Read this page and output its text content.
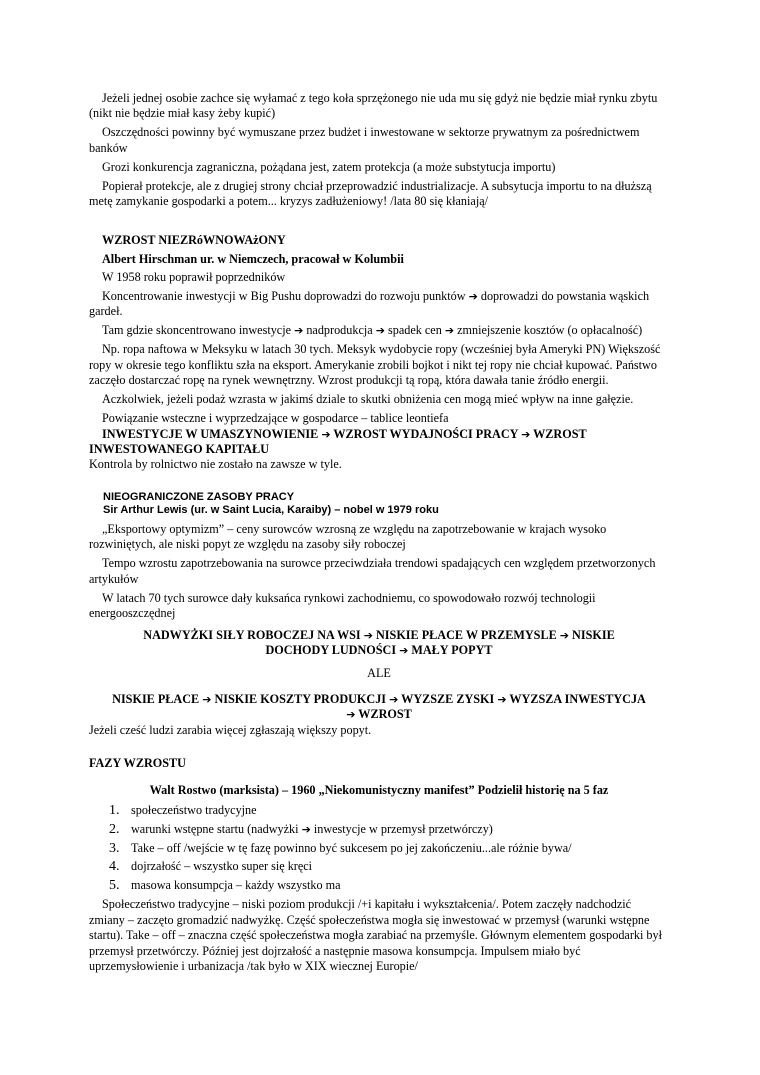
Jeżeli jednej osobie zachce się wyłamać z tego koła sprzężonego nie uda mu się gdyż nie będzie miał rynku zbytu (nikt nie będzie miał kasy żeby kupić)

Oszczędności powinny być wymuszane przez budżet i inwestowane w sektorze prywatnym za pośrednictwem banków

Grozi konkurencja zagraniczna, pożądana jest, zatem protekcja (a może substytucja importu)

Popierał protekcje, ale z drugiej strony chciał przeprowadzić industrializacje. A subsytucja importu to na dłuższą metę zamykanie gospodarki a potem... kryzys zadłużeniowy! /lata 80 się kłaniają/

WZROST NIEZRóWNOWAżONY

Albert Hirschman ur. w Niemczech, pracował w Kolumbii

W 1958 roku poprawił poprzedników

Koncentrowanie inwestycji w Big Pushu doprowadzi do rozwoju punktów ➔ doprowadzi do powstania wąskich gardeł.

Tam gdzie skoncentrowano inwestycje ➔ nadprodukcja ➔ spadek cen ➔ zmniejszenie kosztów (o opłacalność)

Np. ropa naftowa w Meksyku w latach 30 tych. Meksyk wydobycie ropy (wcześniej była Ameryki PN) Większość ropy w okresie tego konfliktu szła na eksport. Amerykanie zrobili bojkot i nikt tej ropy nie chciał kupować. Państwo zaczęło dostarczać ropę na rynek wewnętrzny. Wzrost produkcji tą ropą, która dawała tanie źródło energii.

Aczkolwiek, jeżeli podaż wzrasta w jakimś dziale to skutki obniżenia cen mogą mieć wpływ na inne gałęzie.

Powiązanie wsteczne i wyprzedzające w gospodarce – tablice leontiefa

INWESTYCJE W UMASZYNOWIENIE ➔ WZROST WYDAJNOŚCI PRACY ➔ WZROST INWESTOWANEGO KAPITAŁU

Kontrola by rolnictwo nie zostało na zawsze w tyle.

NIEOGRANICZONE ZASOBY PRACY

Sir Arthur Lewis (ur. w Saint Lucia, Karaiby) – nobel w 1979 roku

„Eksportowy optymizm” – ceny surowców wzrosną ze względu na zapotrzebowanie w krajach wysoko rozwiniętych, ale niski popyt ze względu na zasoby siły roboczej

Tempo wzrostu zapotrzebowania na surowce przeciwdziała trendowi spadających cen względem przetworzonych artykułów

W latach 70 tych surowce dały kuksańca rynkowi zachodniemu, co spowodowało rozwój technologii energooszczędnej

NADWYŻKI SIŁY ROBOCZEJ NA WSI ➔ NISKIE PŁACE W PRZEMYSLE ➔ NISKIE DOCHODY LUDNOŚCI ➔ MAŁY POPYT

ALE

NISKIE PŁACE ➔ NISKIE KOSZTY PRODUKCJI ➔ WYZSZE ZYSKI ➔ WYZSZA INWESTYCJA
➔ WZROST

Jeżeli cześć ludzi zarabia więcej zgłaszają większy popyt.

FAZY WZROSTU

Walt Rostwo (marksista) – 1960 „Niekomunistyczny manifest” Podzielił historię na 5 faz

1. społeczeństwo tradycyjne
2. warunki wstępne startu (nadwyżki ➔ inwestycje w przemysł przetwórczy)
3. Take – off /wejście w tę fazę powinno być sukcesem po jej zakończeniu...ale różnie bywa/
4. dojrzałość – wszystko super się kręci
5. masowa konsumpcja – każdy wszystko ma

Społeczeństwo tradycyjne – niski poziom produkcji /+i kapitału i wykształcenia/. Potem zaczęły nadchodzić zmiany – zaczęto gromadzić nadwyżkę. Część społeczeństwa mogła się inwestować w przemysł (warunki wstępne startu). Take – off – znaczna część społeczeństwa mogła zarabiać na przemyśle. Głównym elementem gospodarki był przemysł przetwórczy. Później jest dojrzałość a następnie masowa konsumpcja. Impulsem miało być uprzemysłowienie i urbanizacja /tak było w XIX wiecznej Europie/
